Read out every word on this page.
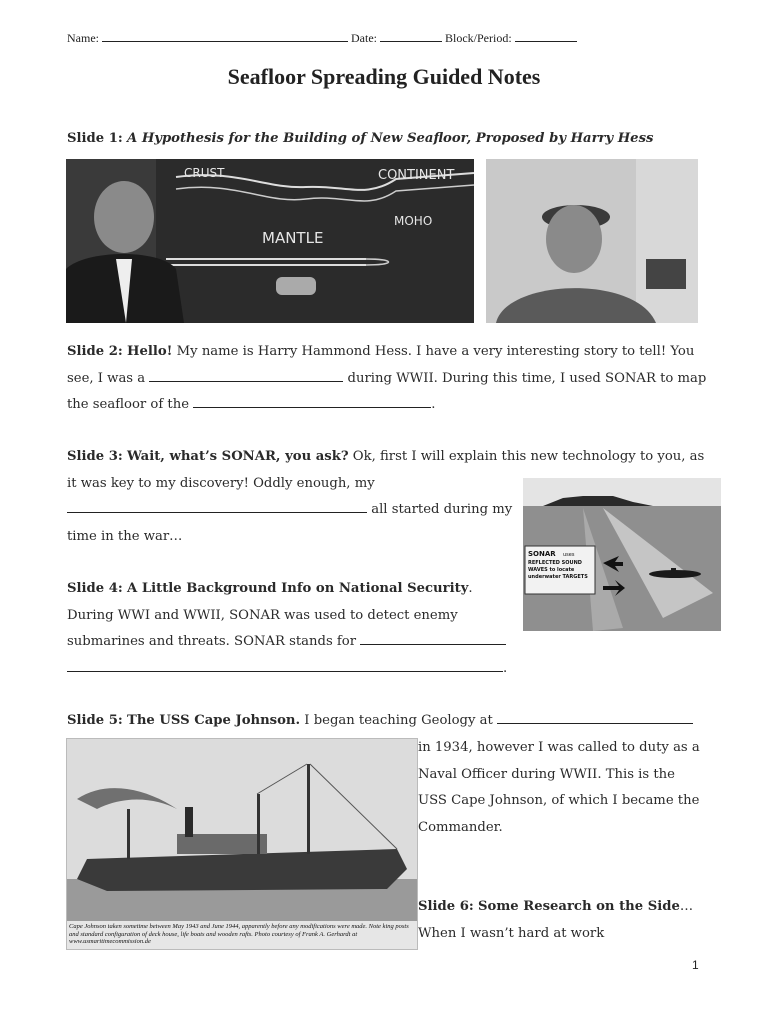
Name:	Date:	Block/Period:
Seafloor Spreading Guided Notes
Slide 1: A Hypothesis for the Building of New Seafloor, Proposed by Harry Hess
CRUST	CONTINENT
MOHO
MANTLE
Slide 2: Hello! My name is Harry Hammond Hess. I have a very interesting story to tell! You see, I was a	during WWII. During this time, I used SONAR to map the seafloor of the	.
Slide 3: Wait, what’s SONAR, you ask? Ok, first I will explain this new technology to you, as it was key to my discovery! Oddly enough, my
all started during my time in the war…
SONAR uses
REFLECTED SOUND WAVES to locate underwater TARGETS
Slide 4: A Little Background Info on National Security. During WWI and WWII, SONAR was used to detect enemy submarines and threats. SONAR stands for  .
Slide 5: The USS Cape Johnson. I began teaching Geology at
in 1934, however I was called to duty as a Naval Officer during WWII. This is the USS Cape Johnson, of which I became the Commander.
Cape Johnson taken sometime between May 1943 and June 1944, apparently before any modifications were made. Note king posts and standard configuration of deck house, life boats and wooden rafts. Photo courtesy of Frank A. Gerhardt at www.usmaritimecommission.de
Slide 6: Some Research on the Side… When I wasn’t hard at work
1
